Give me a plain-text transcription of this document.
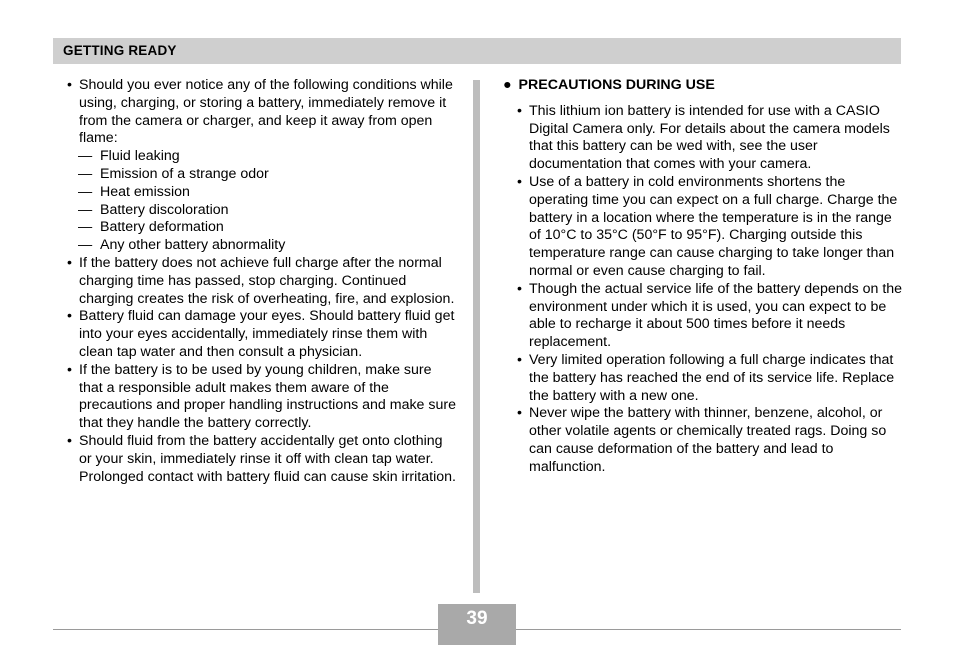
GETTING READY
• Should you ever notice any of the following conditions while using, charging, or storing a battery, immediately remove it from the camera or charger, and keep it away from open flame:
— Fluid leaking
— Emission of a strange odor
— Heat emission
— Battery discoloration
— Battery deformation
— Any other battery abnormality
• If the battery does not achieve full charge after the normal charging time has passed, stop charging. Continued charging creates the risk of overheating, fire, and explosion.
• Battery fluid can damage your eyes. Should battery fluid get into your eyes accidentally, immediately rinse them with clean tap water and then consult a physician.
• If the battery is to be used by young children, make sure that a responsible adult makes them aware of the precautions and proper handling instructions and make sure that they handle the battery correctly.
• Should fluid from the battery accidentally get onto clothing or your skin, immediately rinse it off with clean tap water. Prolonged contact with battery fluid can cause skin irritation.
● PRECAUTIONS DURING USE
• This lithium ion battery is intended for use with a CASIO Digital Camera only. For details about the camera models that this battery can be wed with, see the user documentation that comes with your camera.
• Use of a battery in cold environments shortens the operating time you can expect on a full charge. Charge the battery in a location where the temperature is in the range of 10°C to 35°C (50°F to 95°F). Charging outside this temperature range can cause charging to take longer than normal or even cause charging to fail.
• Though the actual service life of the battery depends on the environment under which it is used, you can expect to be able to recharge it about 500 times before it needs replacement.
• Very limited operation following a full charge indicates that the battery has reached the end of its service life. Replace the battery with a new one.
• Never wipe the battery with thinner, benzene, alcohol, or other volatile agents or chemically treated rags. Doing so can cause deformation of the battery and lead to malfunction.
39
